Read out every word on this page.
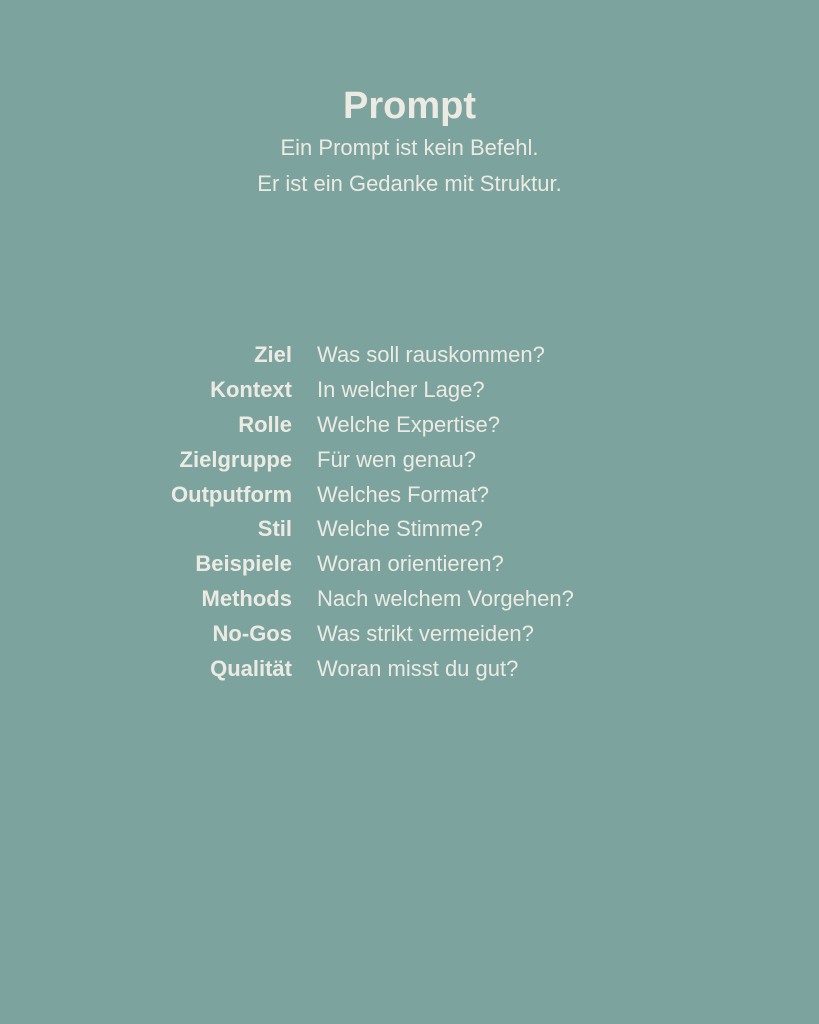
Prompt

Ein Prompt ist kein Befehl.

Er ist ein Gedanke mit Struktur.

Ziel	Was soll rauskommen?
Kontext	In welcher Lage?
Rolle	Welche Expertise?
Zielgruppe	Für wen genau?
Outputform	Welches Format?
Stil	Welche Stimme?
Beispiele	Woran orientieren?
Methods	Nach welchem Vorgehen?
No-Gos	Was strikt vermeiden?
Qualität	Woran misst du gut?
